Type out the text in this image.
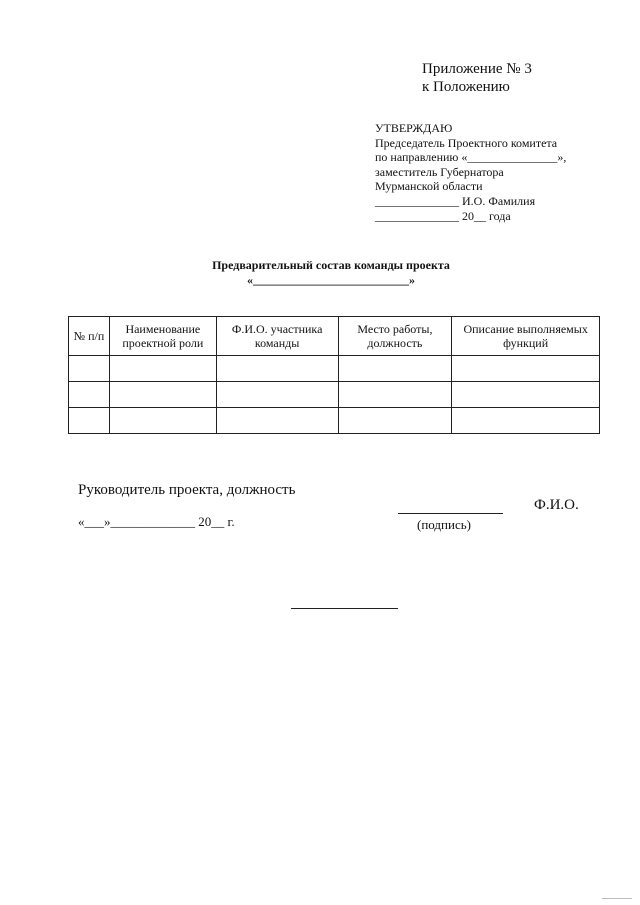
Приложение № 3
к Положению
УТВЕРЖДАЮ
Председатель Проектного комитета
по направлению «_______________»,
заместитель Губернатора
Мурманской области
______________ И.О. Фамилия
______________ 20__ года
Предварительный состав команды проекта
«__________________________»
№ п/п	Наименование проектной роли	Ф.И.О. участника команды	Место работы, должность	Описание выполняемых функций

Руководитель проекта, должность
Ф.И.О.
«___»_____________ 20__ г.	(подпись)
